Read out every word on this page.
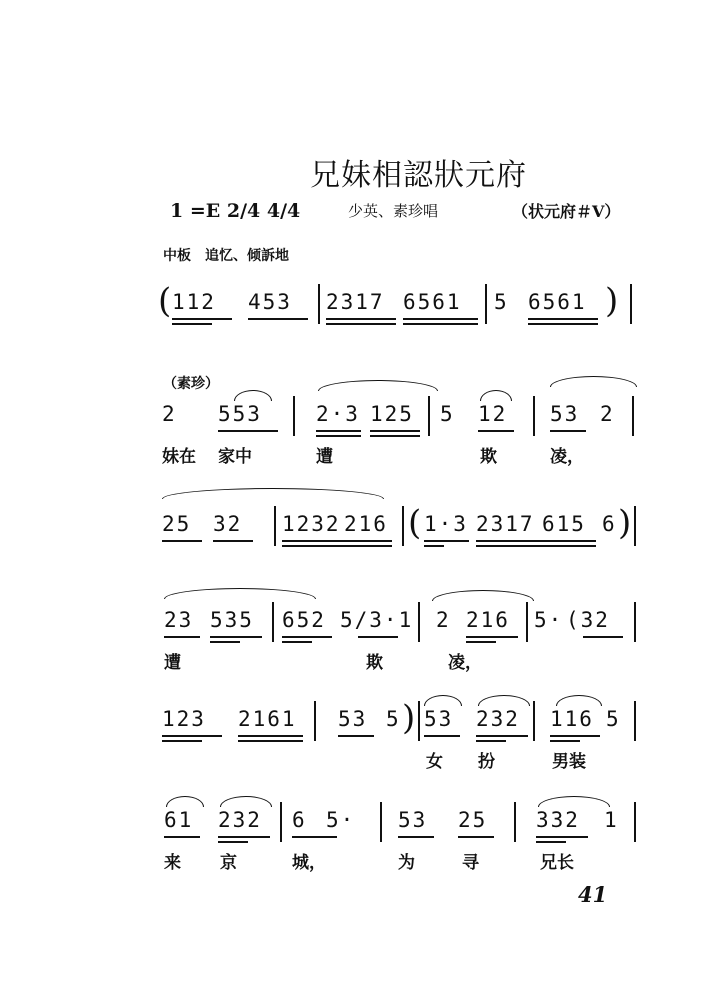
兄妹相認狀元府
1 =E 2/4 4/4	少英、素珍唱	（状元府＃Ⅴ）
中板　追忆、倾訴地
( 112 453 2317 6561 5 6561 )
（素珍）
2 553	2·3 125 5 12 53 2
妹在 家中	遭	欺	凌，
25 32 1232 216 ( 1·3 2317 615 6 )
23 535 652 5/3·1 2 216 5· (32
遭	欺	凌，
123 2161 53 5 ) 53 232 116 5
女 扮	男装
61 232 6 5· 53 25 332 1
来 京	城，	为	寻	兄长
41
